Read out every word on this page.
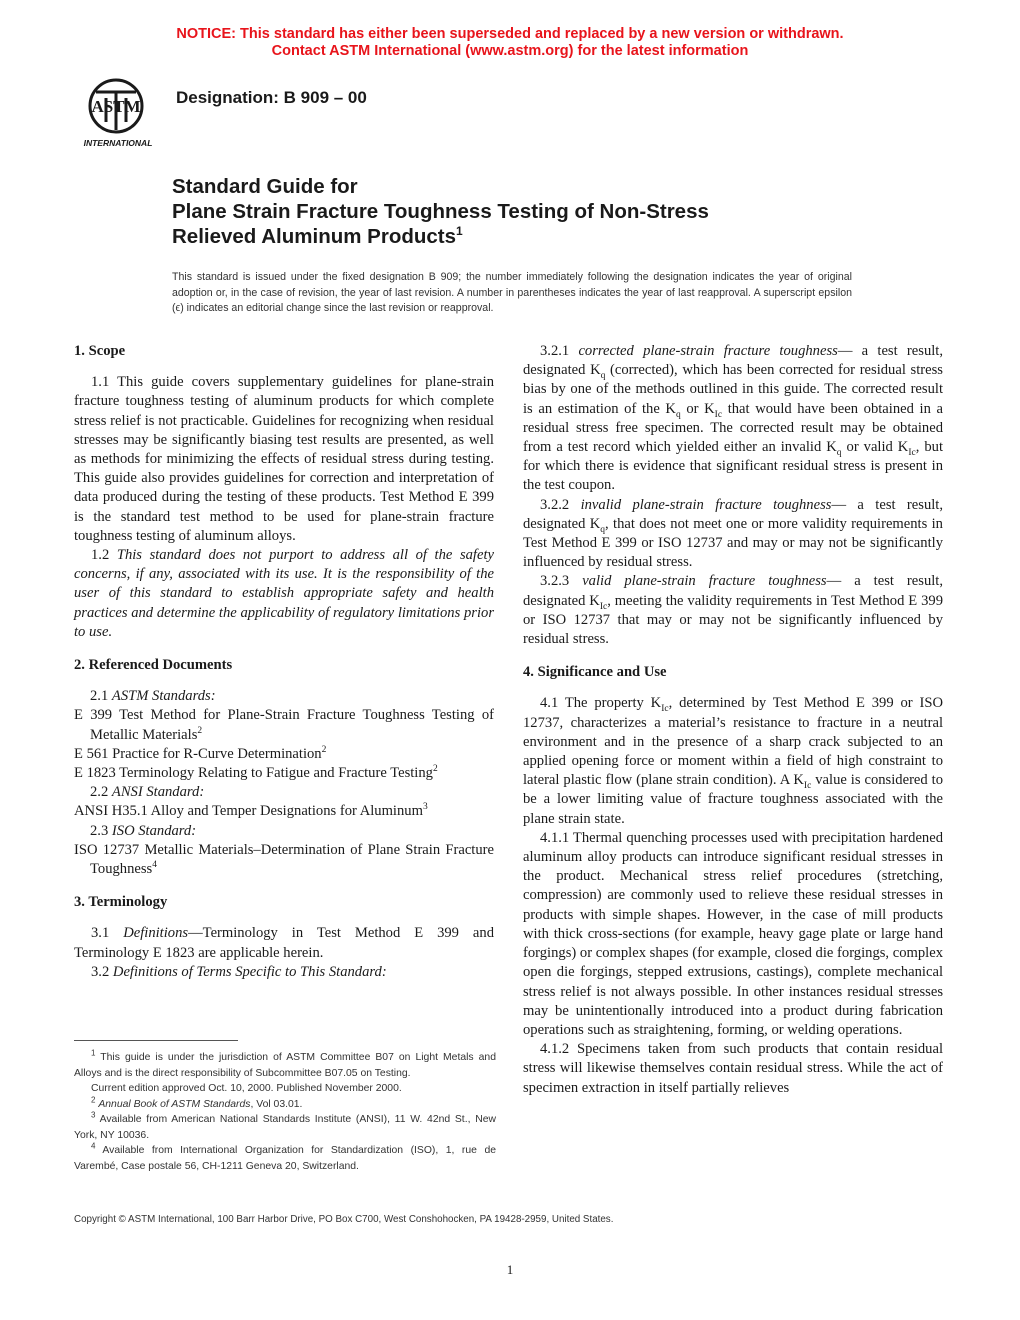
NOTICE: This standard has either been superseded and replaced by a new version or withdrawn.
Contact ASTM International (www.astm.org) for the latest information
ASTM
INTERNATIONAL
Designation: B 909 – 00
Standard Guide for
Plane Strain Fracture Toughness Testing of Non-Stress
Relieved Aluminum Products$^1$
This standard is issued under the fixed designation B 909; the number immediately following the designation indicates the year of original adoption or, in the case of revision, the year of last revision. A number in parentheses indicates the year of last reapproval. A superscript epsilon (ϵ) indicates an editorial change since the last revision or reapproval.
1. Scope

1.1 This guide covers supplementary guidelines for plane-strain fracture toughness testing of aluminum products for which complete stress relief is not practicable. Guidelines for recognizing when residual stresses may be significantly biasing test results are presented, as well as methods for minimizing the effects of residual stress during testing. This guide also provides guidelines for correction and interpretation of data produced during the testing of these products. Test Method E 399 is the standard test method to be used for plane-strain fracture toughness testing of aluminum alloys.

1.2 This standard does not purport to address all of the safety concerns, if any, associated with its use. It is the responsibility of the user of this standard to establish appropriate safety and health practices and determine the applicability of regulatory limitations prior to use.

2. Referenced Documents

2.1 ASTM Standards:

E 399 Test Method for Plane-Strain Fracture Toughness Testing of Metallic Materials$^2$

E 561 Practice for R-Curve Determination$^2$

E 1823 Terminology Relating to Fatigue and Fracture Testing$^2$

2.2 ANSI Standard:

ANSI H35.1 Alloy and Temper Designations for Aluminum$^3$

2.3 ISO Standard:

ISO 12737 Metallic Materials–Determination of Plane Strain Fracture Toughness$^4$

3. Terminology

3.1 Definitions—Terminology in Test Method E 399 and Terminology E 1823 are applicable herein.

3.2 Definitions of Terms Specific to This Standard:

3.2.1 corrected plane-strain fracture toughness— a test result, designated $K_q$ (corrected), which has been corrected for residual stress bias by one of the methods outlined in this guide. The corrected result is an estimation of the $K_q$ or $K_{Ic}$ that would have been obtained in a residual stress free specimen. The corrected result may be obtained from a test record which yielded either an invalid $K_q$ or valid $K_{Ic}$, but for which there is evidence that significant residual stress is present in the test coupon.

3.2.2 invalid plane-strain fracture toughness— a test result, designated $K_q$, that does not meet one or more validity requirements in Test Method E 399 or ISO 12737 and may or may not be significantly influenced by residual stress.

3.2.3 valid plane-strain fracture toughness— a test result, designated $K_{Ic}$, meeting the validity requirements in Test Method E 399 or ISO 12737 that may or may not be significantly influenced by residual stress.

4. Significance and Use

4.1 The property $K_{Ic}$, determined by Test Method E 399 or ISO 12737, characterizes a material’s resistance to fracture in a neutral environment and in the presence of a sharp crack subjected to an applied opening force or moment within a field of high constraint to lateral plastic flow (plane strain condition). A $K_{Ic}$ value is considered to be a lower limiting value of fracture toughness associated with the plane strain state.

4.1.1 Thermal quenching processes used with precipitation hardened aluminum alloy products can introduce significant residual stresses in the product. Mechanical stress relief procedures (stretching, compression) are commonly used to relieve these residual stresses in products with simple shapes. However, in the case of mill products with thick cross-sections (for example, heavy gage plate or large hand forgings) or complex shapes (for example, closed die forgings, complex open die forgings, stepped extrusions, castings), complete mechanical stress relief is not always possible. In other instances residual stresses may be unintentionally introduced into a product during fabrication operations such as straightening, forming, or welding operations.

4.1.2 Specimens taken from such products that contain residual stress will likewise themselves contain residual stress. While the act of specimen extraction in itself partially relieves

$^1$ This guide is under the jurisdiction of ASTM Committee B07 on Light Metals and Alloys and is the direct responsibility of Subcommittee B07.05 on Testing.

Current edition approved Oct. 10, 2000. Published November 2000.

$^2$ Annual Book of ASTM Standards, Vol 03.01.

$^3$ Available from American National Standards Institute (ANSI), 11 W. 42nd St., New York, NY 10036.

$^4$ Available from International Organization for Standardization (ISO), 1, rue de Varembé, Case postale 56, CH-1211 Geneva 20, Switzerland.

Copyright © ASTM International, 100 Barr Harbor Drive, PO Box C700, West Conshohocken, PA 19428-2959, United States.
1
